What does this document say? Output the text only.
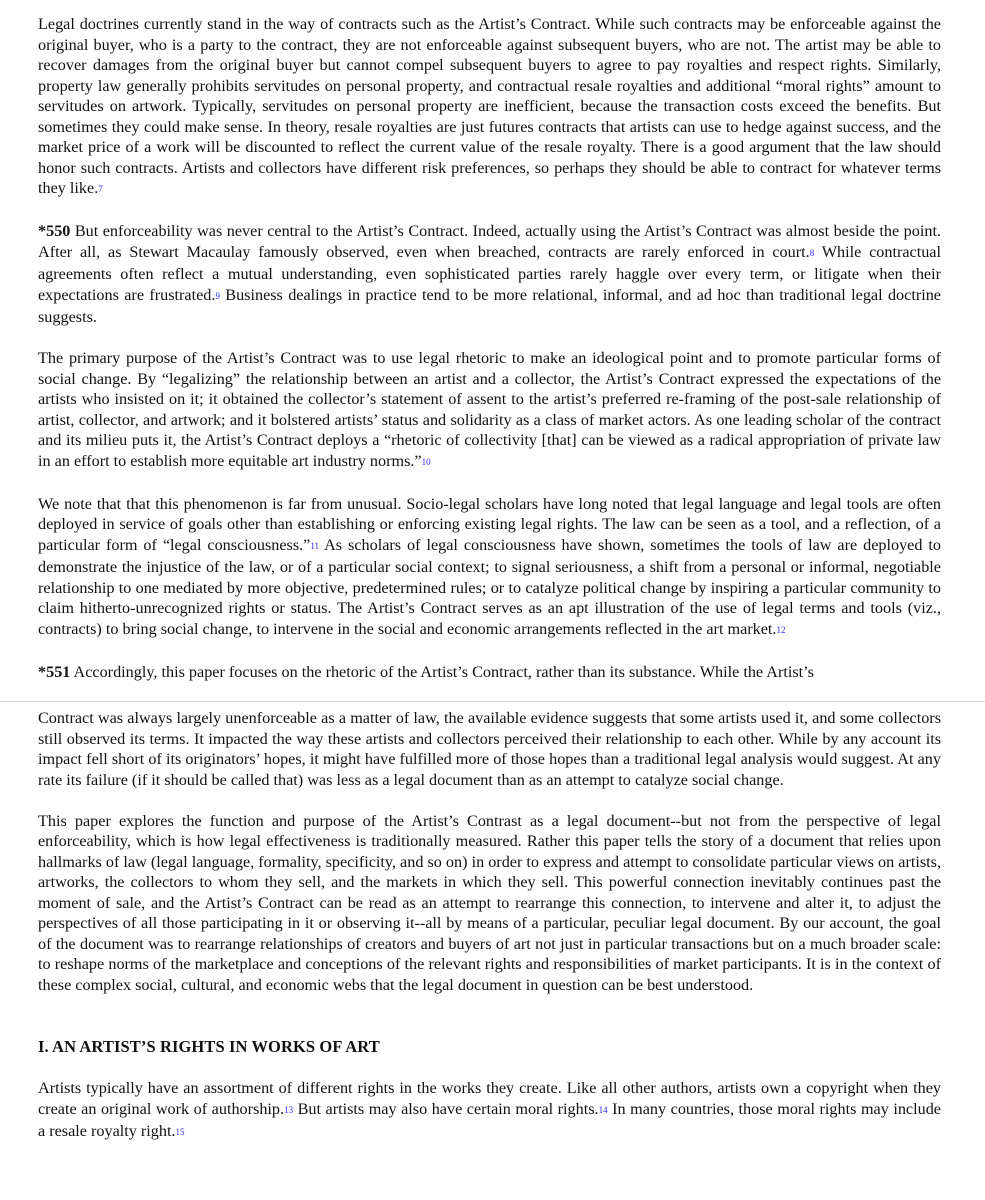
Legal doctrines currently stand in the way of contracts such as the Artist’s Contract. While such contracts may be enforceable against the original buyer, who is a party to the contract, they are not enforceable against subsequent buyers, who are not. The artist may be able to recover damages from the original buyer but cannot compel subsequent buyers to agree to pay royalties and respect rights. Similarly, property law generally prohibits servitudes on personal property, and contractual resale royalties and additional “moral rights” amount to servitudes on artwork. Typically, servitudes on personal property are inefficient, because the transaction costs exceed the benefits. But sometimes they could make sense. In theory, resale royalties are just futures contracts that artists can use to hedge against success, and the market price of a work will be discounted to reflect the current value of the resale royalty. There is a good argument that the law should honor such contracts. Artists and collectors have different risk preferences, so perhaps they should be able to contract for whatever terms they like.7

*550 But enforceability was never central to the Artist’s Contract. Indeed, actually using the Artist’s Contract was almost beside the point. After all, as Stewart Macaulay famously observed, even when breached, contracts are rarely enforced in court.8 While contractual agreements often reflect a mutual understanding, even sophisticated parties rarely haggle over every term, or litigate when their expectations are frustrated.9 Business dealings in practice tend to be more relational, informal, and ad hoc than traditional legal doctrine suggests.

The primary purpose of the Artist’s Contract was to use legal rhetoric to make an ideological point and to promote particular forms of social change. By “legalizing” the relationship between an artist and a collector, the Artist’s Contract expressed the expectations of the artists who insisted on it; it obtained the collector’s statement of assent to the artist’s preferred re-framing of the post-sale relationship of artist, collector, and artwork; and it bolstered artists’ status and solidarity as a class of market actors. As one leading scholar of the contract and its milieu puts it, the Artist’s Contract deploys a “rhetoric of collectivity [that] can be viewed as a radical appropriation of private law in an effort to establish more equitable art industry norms.”10

We note that that this phenomenon is far from unusual. Socio-legal scholars have long noted that legal language and legal tools are often deployed in service of goals other than establishing or enforcing existing legal rights. The law can be seen as a tool, and a reflection, of a particular form of “legal consciousness.”11 As scholars of legal consciousness have shown, sometimes the tools of law are deployed to demonstrate the injustice of the law, or of a particular social context; to signal seriousness, a shift from a personal or informal, negotiable relationship to one mediated by more objective, predetermined rules; or to catalyze political change by inspiring a particular community to claim hitherto-unrecognized rights or status. The Artist’s Contract serves as an apt illustration of the use of legal terms and tools (viz., contracts) to bring social change, to intervene in the social and economic arrangements reflected in the art market.12

*551 Accordingly, this paper focuses on the rhetoric of the Artist’s Contract, rather than its substance. While the Artist’s

Contract was always largely unenforceable as a matter of law, the available evidence suggests that some artists used it, and some collectors still observed its terms. It impacted the way these artists and collectors perceived their relationship to each other. While by any account its impact fell short of its originators’ hopes, it might have fulfilled more of those hopes than a traditional legal analysis would suggest. At any rate its failure (if it should be called that) was less as a legal document than as an attempt to catalyze social change.

This paper explores the function and purpose of the Artist’s Contrast as a legal document--but not from the perspective of legal enforceability, which is how legal effectiveness is traditionally measured. Rather this paper tells the story of a document that relies upon hallmarks of law (legal language, formality, specificity, and so on) in order to express and attempt to consolidate particular views on artists, artworks, the collectors to whom they sell, and the markets in which they sell. This powerful connection inevitably continues past the moment of sale, and the Artist’s Contract can be read as an attempt to rearrange this connection, to intervene and alter it, to adjust the perspectives of all those participating in it or observing it--all by means of a particular, peculiar legal document. By our account, the goal of the document was to rearrange relationships of creators and buyers of art not just in particular transactions but on a much broader scale: to reshape norms of the marketplace and conceptions of the relevant rights and responsibilities of market participants. It is in the context of these complex social, cultural, and economic webs that the legal document in question can be best understood.

I. AN ARTIST’S RIGHTS IN WORKS OF ART

Artists typically have an assortment of different rights in the works they create. Like all other authors, artists own a copyright when they create an original work of authorship.13 But artists may also have certain moral rights.14 In many countries, those moral rights may include a resale royalty right.15
